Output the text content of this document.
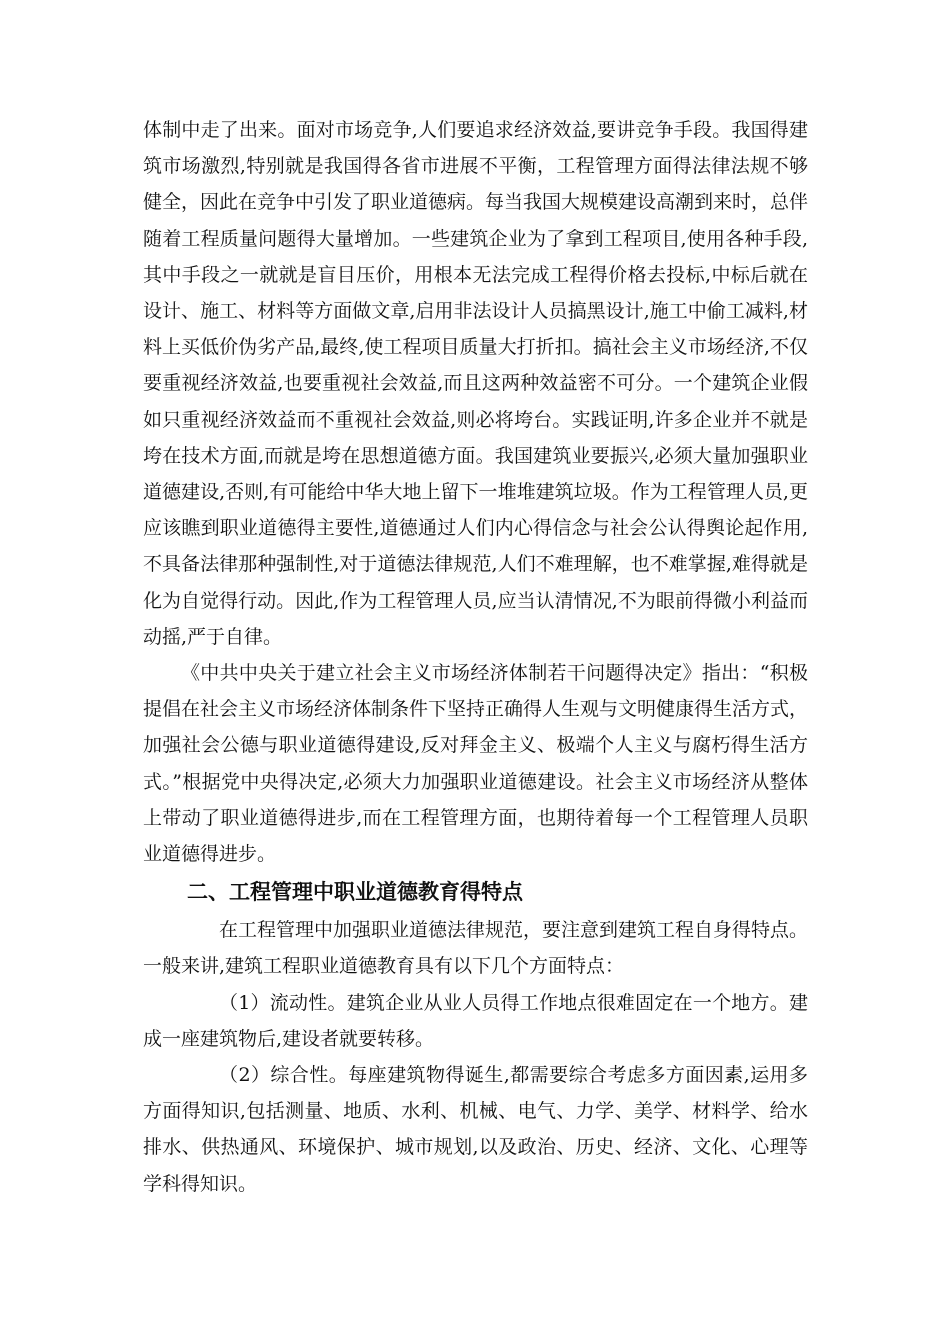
体制中走了出来。面对市场竞争,人们要追求经济效益,要讲竞争手段。我国得建筑市场激烈,特别就是我国得各省市进展不平衡，工程管理方面得法律法规不够健全，因此在竞争中引发了职业道德病。每当我国大规模建设高潮到来时，总伴随着工程质量问题得大量增加。一些建筑企业为了拿到工程项目,使用各种手段,其中手段之一就就是盲目压价，用根本无法完成工程得价格去投标,中标后就在设计、施工、材料等方面做文章,启用非法设计人员搞黑设计,施工中偷工减料,材料上买低价伪劣产品,最终,使工程项目质量大打折扣。搞社会主义市场经济,不仅要重视经济效益,也要重视社会效益,而且这两种效益密不可分。一个建筑企业假如只重视经济效益而不重视社会效益,则必将垮台。实践证明,许多企业并不就是垮在技术方面,而就是垮在思想道德方面。我国建筑业要振兴,必须大量加强职业道德建设,否则,有可能给中华大地上留下一堆堆建筑垃圾。作为工程管理人员,更应该瞧到职业道德得主要性,道德通过人们内心得信念与社会公认得舆论起作用,不具备法律那种强制性,对于道德法律规范,人们不难理解，也不难掌握,难得就是化为自觉得行动。因此,作为工程管理人员,应当认清情况,不为眼前得微小利益而动摇,严于自律。

《中共中央关于建立社会主义市场经济体制若干问题得决定》指出：“积极提倡在社会主义市场经济体制条件下坚持正确得人生观与文明健康得生活方式，加强社会公德与职业道德得建设,反对拜金主义、极端个人主义与腐朽得生活方式。”根据党中央得决定,必须大力加强职业道德建设。社会主义市场经济从整体上带动了职业道德得进步,而在工程管理方面，也期待着每一个工程管理人员职业道德得进步。

二、工程管理中职业道德教育得特点

在工程管理中加强职业道德法律规范，要注意到建筑工程自身得特点。一般来讲,建筑工程职业道德教育具有以下几个方面特点：

（1）流动性。建筑企业从业人员得工作地点很难固定在一个地方。建成一座建筑物后,建设者就要转移。

（2）综合性。每座建筑物得诞生,都需要综合考虑多方面因素,运用多方面得知识,包括测量、地质、水利、机械、电气、力学、美学、材料学、给水排水、供热通风、环境保护、城市规划,以及政治、历史、经济、文化、心理等学科得知识。
